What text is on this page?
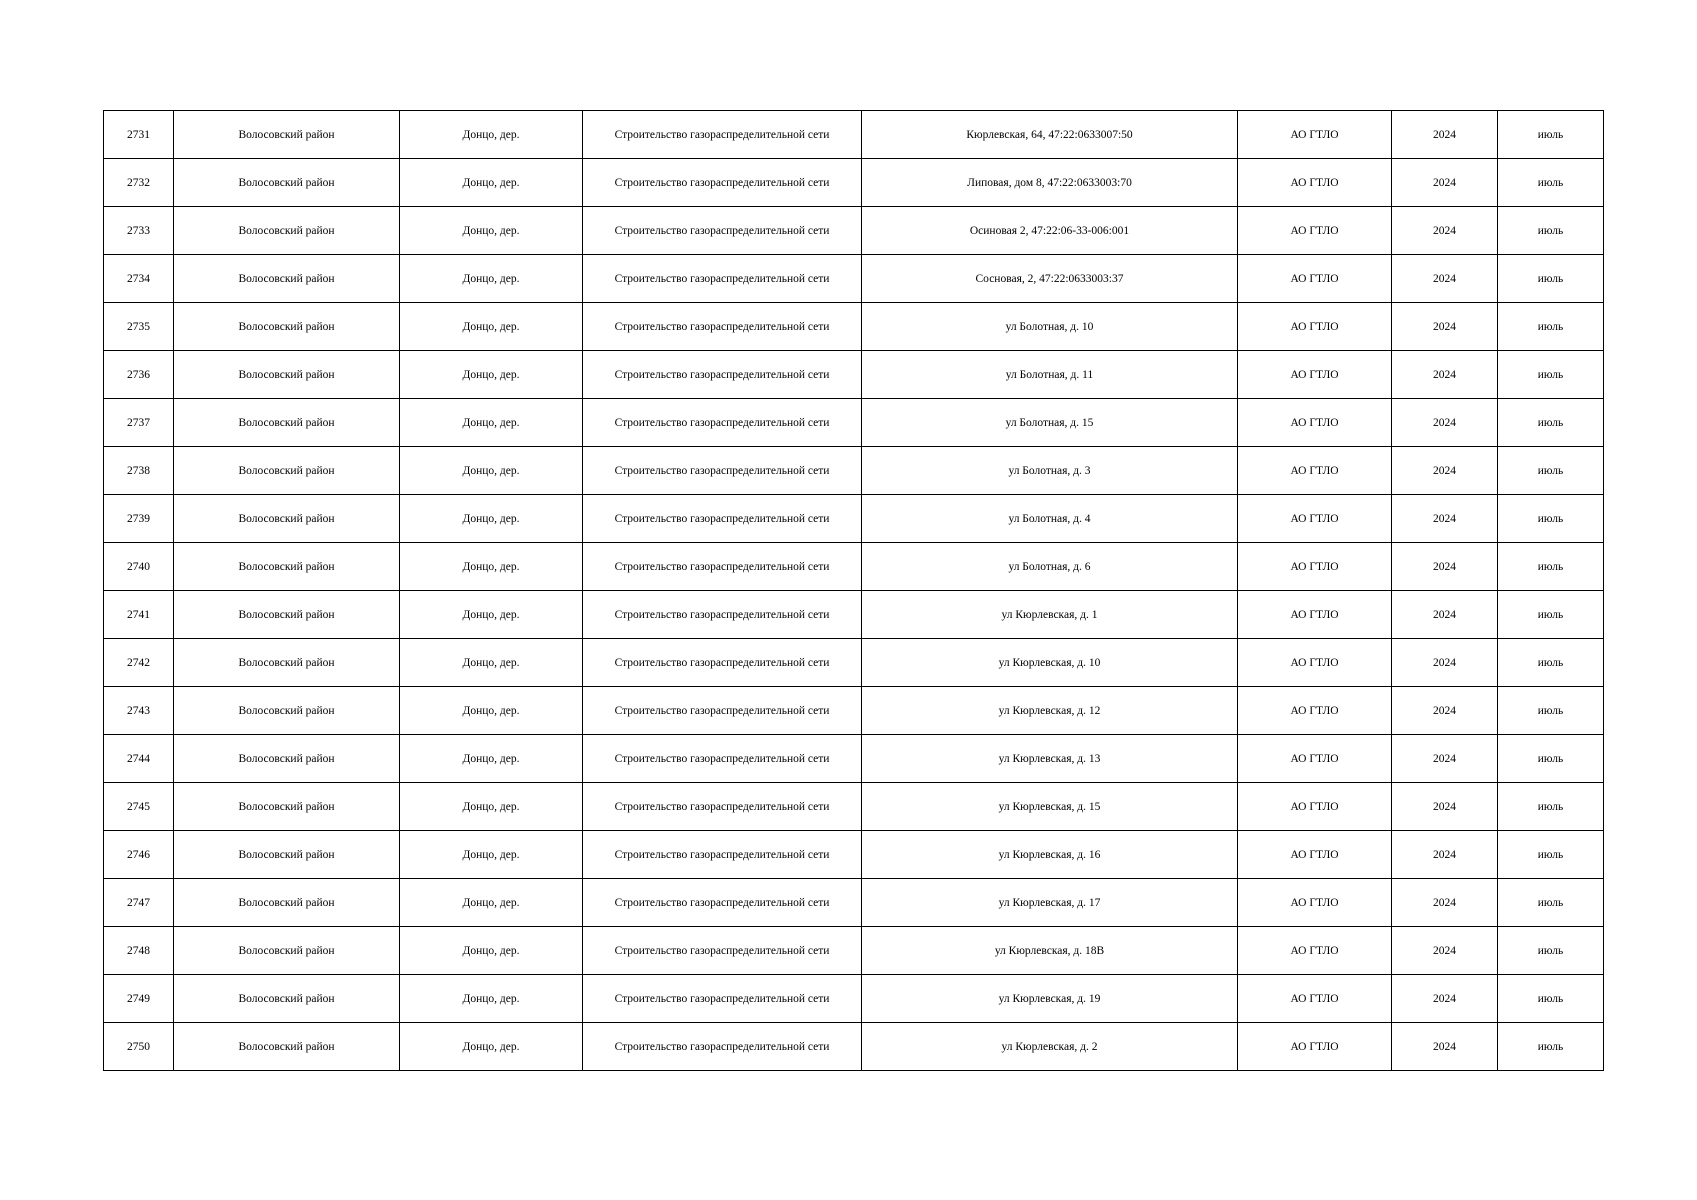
2731	Волосовский район	Донцо, дер.	Строительство газораспределительной сети	Кюрлевская, 64, 47:22:0633007:50	АО ГТЛО	2024	июль
2732	Волосовский район	Донцо, дер.	Строительство газораспределительной сети	Липовая, дом 8, 47:22:0633003:70	АО ГТЛО	2024	июль
2733	Волосовский район	Донцо, дер.	Строительство газораспределительной сети	Осиновая 2, 47:22:06-33-006:001	АО ГТЛО	2024	июль
2734	Волосовский район	Донцо, дер.	Строительство газораспределительной сети	Сосновая, 2, 47:22:0633003:37	АО ГТЛО	2024	июль
2735	Волосовский район	Донцо, дер.	Строительство газораспределительной сети	ул Болотная, д. 10	АО ГТЛО	2024	июль
2736	Волосовский район	Донцо, дер.	Строительство газораспределительной сети	ул Болотная, д. 11	АО ГТЛО	2024	июль
2737	Волосовский район	Донцо, дер.	Строительство газораспределительной сети	ул Болотная, д. 15	АО ГТЛО	2024	июль
2738	Волосовский район	Донцо, дер.	Строительство газораспределительной сети	ул Болотная, д. 3	АО ГТЛО	2024	июль
2739	Волосовский район	Донцо, дер.	Строительство газораспределительной сети	ул Болотная, д. 4	АО ГТЛО	2024	июль
2740	Волосовский район	Донцо, дер.	Строительство газораспределительной сети	ул Болотная, д. 6	АО ГТЛО	2024	июль
2741	Волосовский район	Донцо, дер.	Строительство газораспределительной сети	ул Кюрлевская, д. 1	АО ГТЛО	2024	июль
2742	Волосовский район	Донцо, дер.	Строительство газораспределительной сети	ул Кюрлевская, д. 10	АО ГТЛО	2024	июль
2743	Волосовский район	Донцо, дер.	Строительство газораспределительной сети	ул Кюрлевская, д. 12	АО ГТЛО	2024	июль
2744	Волосовский район	Донцо, дер.	Строительство газораспределительной сети	ул Кюрлевская, д. 13	АО ГТЛО	2024	июль
2745	Волосовский район	Донцо, дер.	Строительство газораспределительной сети	ул Кюрлевская, д. 15	АО ГТЛО	2024	июль
2746	Волосовский район	Донцо, дер.	Строительство газораспределительной сети	ул Кюрлевская, д. 16	АО ГТЛО	2024	июль
2747	Волосовский район	Донцо, дер.	Строительство газораспределительной сети	ул Кюрлевская, д. 17	АО ГТЛО	2024	июль
2748	Волосовский район	Донцо, дер.	Строительство газораспределительной сети	ул Кюрлевская, д. 18В	АО ГТЛО	2024	июль
2749	Волосовский район	Донцо, дер.	Строительство газораспределительной сети	ул Кюрлевская, д. 19	АО ГТЛО	2024	июль
2750	Волосовский район	Донцо, дер.	Строительство газораспределительной сети	ул Кюрлевская, д. 2	АО ГТЛО	2024	июль
